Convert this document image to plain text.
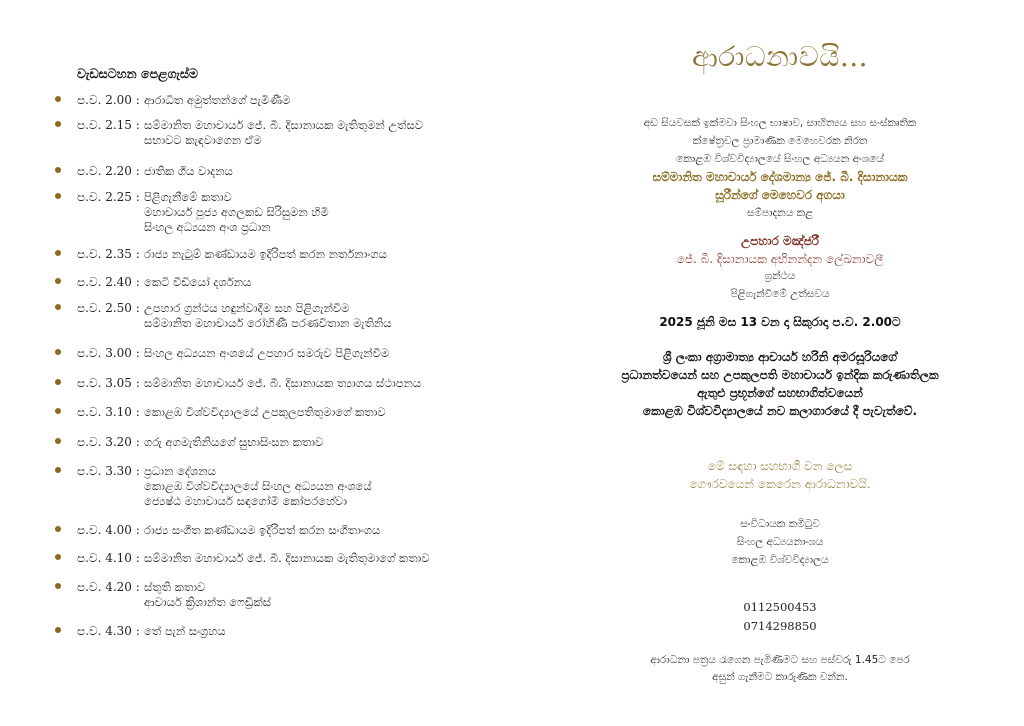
වැඩසටහන පෙළගැස්ම
ප.ව. 2.00 : ආරාධිත අමුත්තන්ගේ පැමිණීම
ප.ව. 2.15 : සම්මානිත මහාචාර්ය ජේ. බී. දිසානායක මැතිතුමන් උත්සව
සභාවට කැඳවාගෙන ඒම
ප.ව. 2.20 : ජාතික ගීය වාදනය
ප.ව. 2.25 : පිළිගැනීමේ කතාව
මහාචාර්ය පූජ්‍ය අගලකඩ සිරිසුමන හිමි
සිංහල අධ්‍යයන අංශ ප්‍රධාන
ප.ව. 2.35 : රාජ්‍ය නැටුම් කණ්ඩායම ඉදිරිපත් කරන නර්තනාංගය
ප.ව. 2.40 : කෙටි වීඩියෝ දර්ශනය
ප.ව. 2.50 : උපහාර ග්‍රන්ථය හඳුන්වාදීම සහ පිළිගැන්වීම
සම්මානිත මහාචාර්ය රෝහිණී පරණවිතාන මැතිනිය
ප.ව. 3.00 : සිංහල අධ්‍යයන අංශයේ උපහාර සමරුව පිළිගැන්වීම
ප.ව. 3.05 : සම්මානිත මහාචාර්ය ජේ. බී. දිසානායක ත්‍යාගය ස්ථාපනය
ප.ව. 3.10 : කොළඹ විශ්වවිද්‍යාලයේ උපකුලපතිතුමාගේ කතාව
ප.ව. 3.20 : ගරු අගමැතිනියගේ සුභාසිංසන කතාව
ප.ව. 3.30 : ප්‍රධාන දේශනය
කොළඹ විශ්වවිද්‍යාලයේ සිංහල අධ්‍යයන අංශයේ
ජ්‍යෙෂ්ඨ මහාචාර්ය සඳගෝමි කෝපරහේවා
ප.ව. 4.00 : රාජ්‍ය සංගීත කණ්ඩායම ඉදිරිපත් කරන සංගීතාංගය
ප.ව. 4.10 : සම්මානිත මහාචාර්ය ජේ. බී. දිසානායක මැතිතුමාගේ කතාව
ප.ව. 4.20 : ස්තුති කතාව
ආචාර්ය ක්‍රිශාන්ත ෆෙඩ්‍රික්ස්
ප.ව. 4.30 : තේ පැන් සංග්‍රහය
ආරාධනාවයි...
අඩ සියවසක් ඉක්මවා සිංහල භාෂාව, සාහිත්‍යය සහ සංස්කෘතික
ක්ෂේත්‍රවල ප්‍රාමාණික මෙහෙවරක නිරත
කොළඹ විශ්වවිද්‍යාලයේ සිංහල අධ්‍යයන අංශයේ
සම්මානිත මහාචාර්ය දේශමාන්‍ය ජේ. බී. දිසානායක
සූරීන්ගේ මෙහෙවර අගයා
සම්පාදනය කළ
උපහාර මඤ්ජරී
ජේ. බී. දිසානායක අභිනන්දන ලේඛනාවලී
ග්‍රන්ථය
පිළිගැන්වීමේ උත්සවය
2025 ජූනි මස 13 වන දා සිකුරාදා ප.ව. 2.00ට
ශ්‍රී ලංකා අග්‍රාමාත්‍ය ආචාර්ය හරිනි අමරසූරියගේ
ප්‍රධානත්වයෙන් සහ උපකුලපති මහාචාර්ය ඉන්දික කරුණාතිලක
ඇතුළු ප්‍රභූන්ගේ සහභාගිත්වයෙන්
කොළඹ විශ්වවිද්‍යාලයේ නව කලාගාරයේ දී පැවැත්වේ.
මේ සඳහා සහභාගී වන ලෙස
ගෞරවයෙන් කෙරෙන ආරාධනාවයි.
සංවිධායක කමිටුව
සිංහල අධ්‍යයනාංශය
කොළඹ විශ්වවිද්‍යාලය
0112500453
0714298850
ආරාධනා පත්‍රය රැගෙන පැමිණීමට සහ පස්වරු 1.45ට පෙර
අසුන් ගැනීමට කාරුණික වන්න.
